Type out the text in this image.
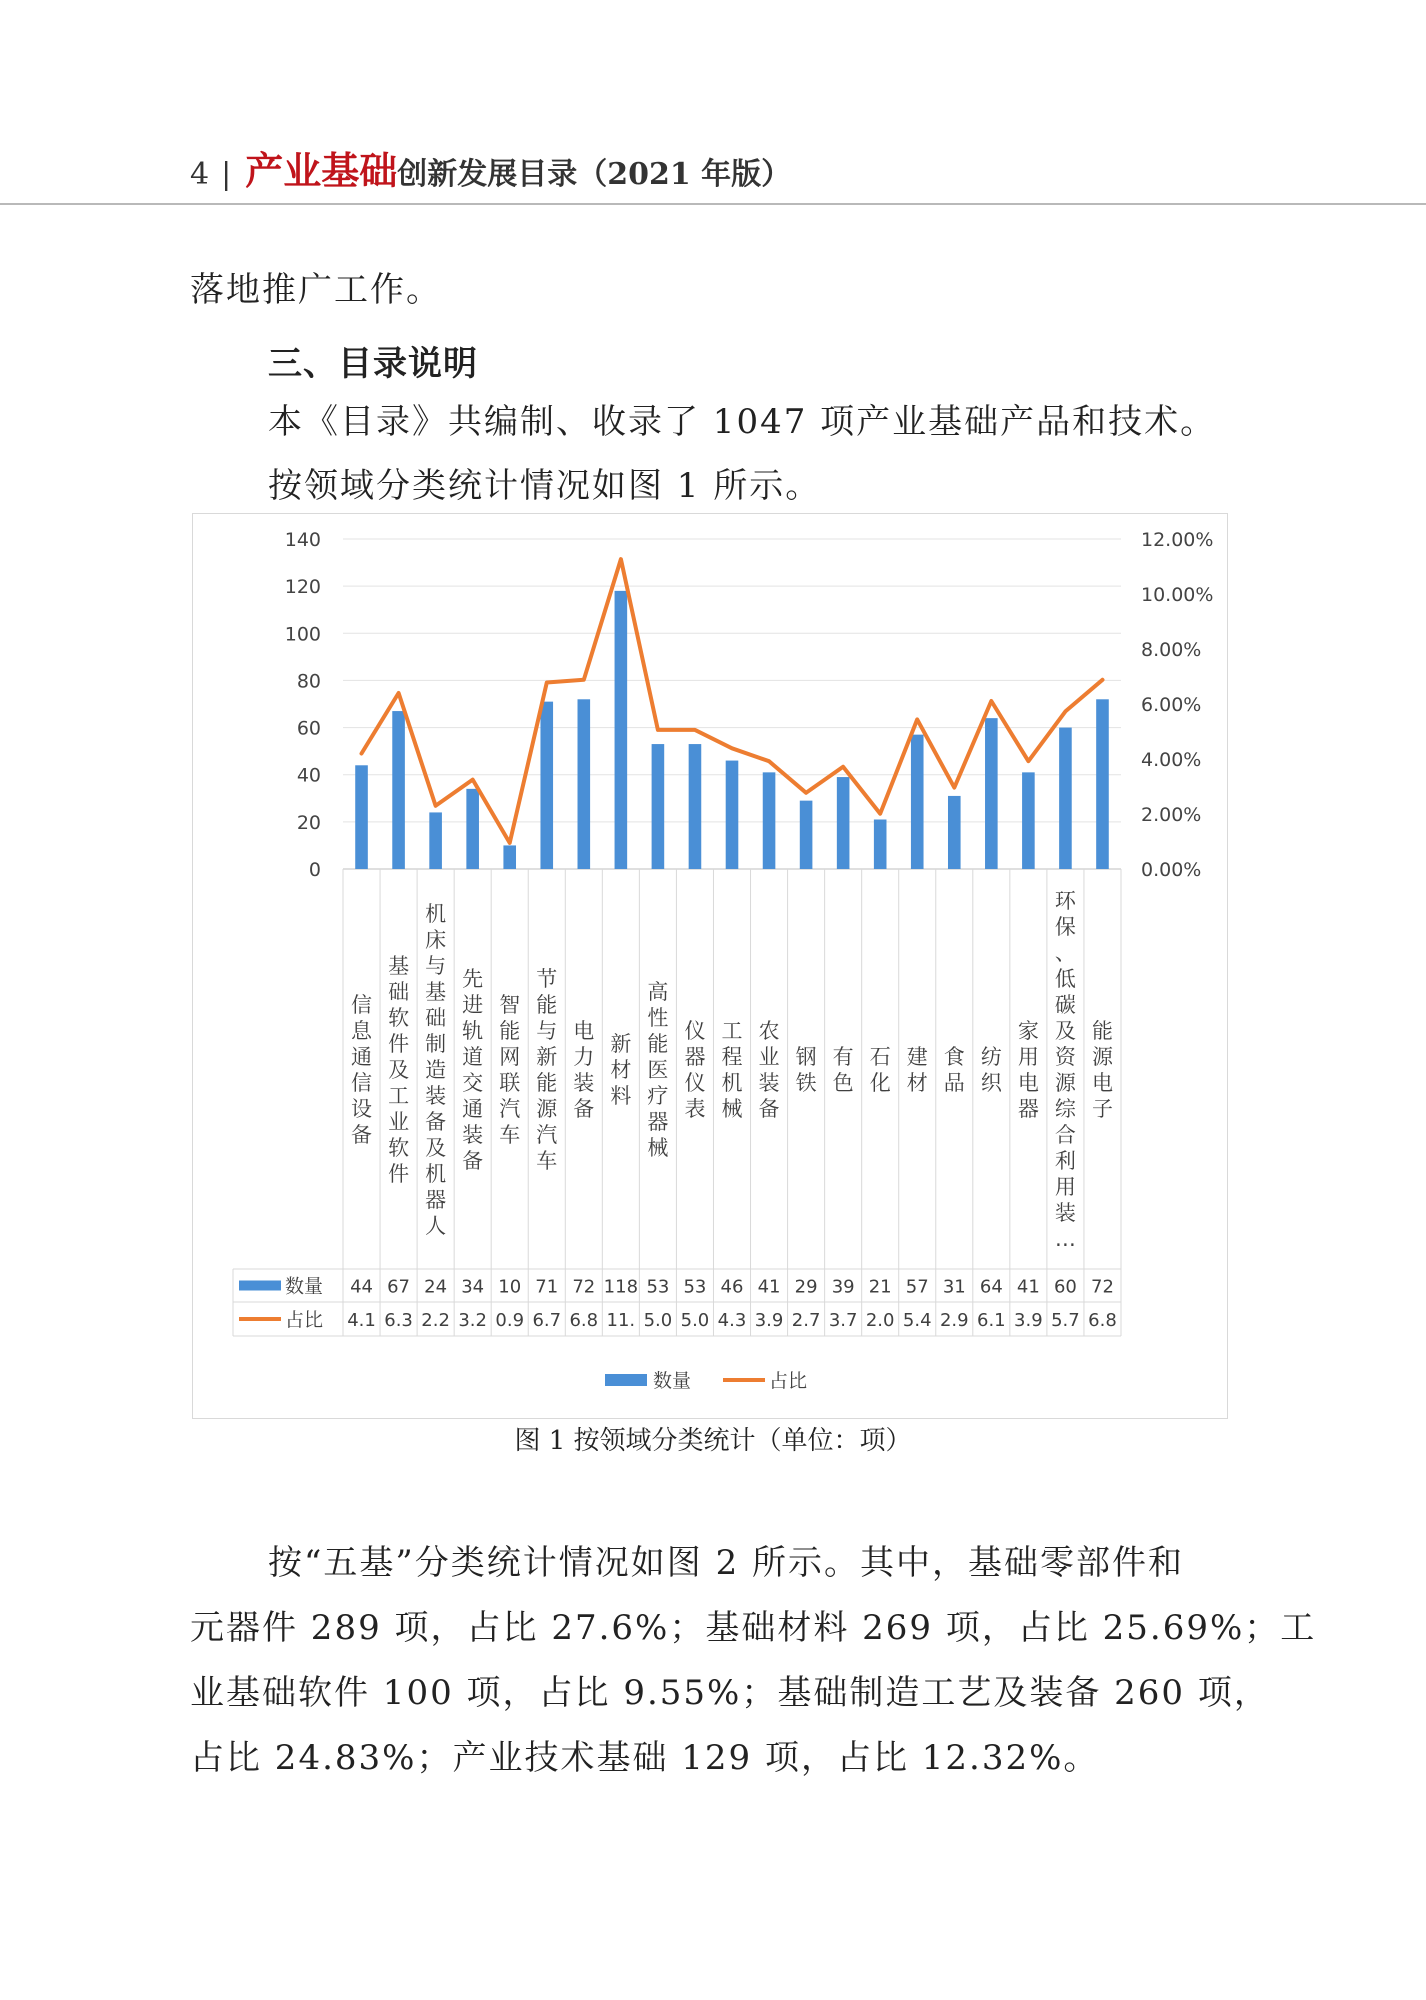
4 | 产业基础 创新发展目录（2021 年版）
落地推广工作。
三、目录说明
本《目录》共编制、收录了 1047 项产业基础产品和技术。
按领域分类统计情况如图 1 所示。
0
20
40
60
80
100
120
140
0.00%
2.00%
4.00%
6.00%
8.00%
10.00%
12.00%
信息通信设备
基础软件及工业软件
机床与基础制造装备及机器人
先进轨道交通装备
智能网联汽车
节能与新能源汽车
电力装备
新材料
高性能医疗器械
仪器仪表
工程机械
农业装备
钢铁
有色
石化
建材
食品
纺织
家用电器
环保、低碳及资源综合利用装…
能源电子
数量
占比
44 67 24 34 10 71 72 118 53 53 46 41 29 39 21 57 31 64 41 60 72
4.1 6.3 2.2 3.2 0.9 6.7 6.8 11. 5.0 5.0 4.3 3.9 2.7 3.7 2.0 5.4 2.9 6.1 3.9 5.7 6.8
数量	占比
图 1 按领域分类统计（单位：项）
按“五基”分类统计情况如图 2 所示。其中，基础零部件和
元器件 289 项，占比 27.6%；基础材料 269 项，占比 25.69%；工
业基础软件 100 项，占比 9.55%；基础制造工艺及装备 260 项，
占比 24.83%；产业技术基础 129 项，占比 12.32%。
